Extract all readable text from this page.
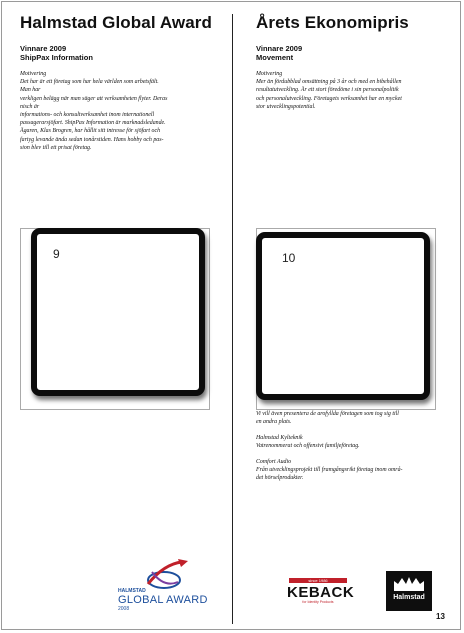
Halmstad Global Award

Vinnare 2009

ShipPax Information

Motivering
Det har är ett företag som har hela världen som arbetsfält.
Man har
verkligen belägg när man säger att verksamheten flyter. Deras
nisch är
informations- och konsultverksamhet inom internationell
passagerarsjöfart. ShipPax Information är marknadsledande.
Ägaren, Klas Brogren, har hållit sitt intresse för sjöfart och
fartyg levande ända sedan tonårstiden. Hans hobby och pas-
sion blev till ett prisat företag.
9
Årets Ekonomipris

Vinnare 2009

Movement

Motivering
Mer än fördubblad omsättning på 3 år och med en bibehållen
resultatutveckling. Är ett stort föredöme i sin personalpolitik
och personalutveckling. Företagets verksamhet har en mycket
stor utvecklingspotential.
10
Vi vill även presentera de arofyllda företagen som tog sig till
en andra plats.
Halmstad Kylteknik
Vatrenommerat och offensivt familjeföretag.
Comfort Audio
Från utvecklingsprojekt till framgångsrikt företag inom områ-
det hörselprodukter.
HALMSTAD
GLOBAL AWARD
2008
since 1986
KEBACK
for Identity Products
Halmstad
13
